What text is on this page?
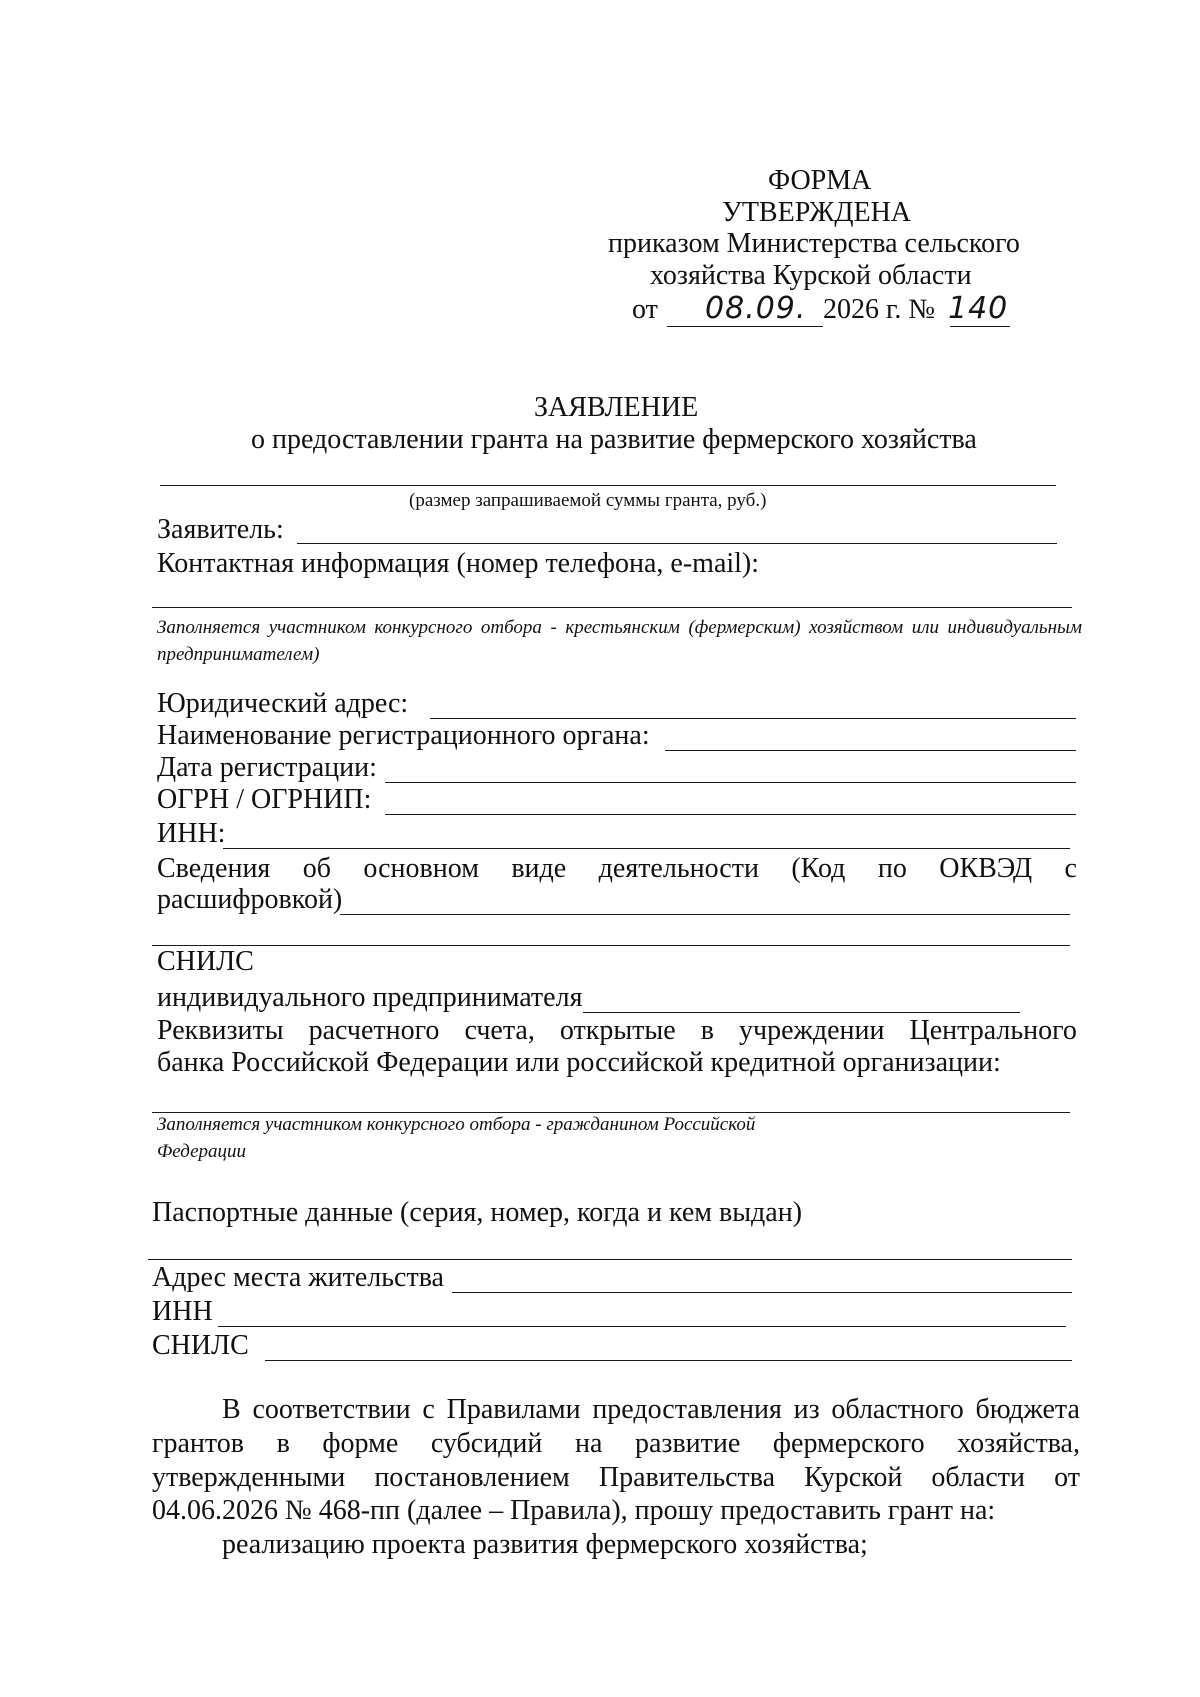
ФОРМА
УТВЕРЖДЕНА
приказом Министерства сельского
хозяйства Курской области
от 08.09. 2026 г. № 140
ЗАЯВЛЕНИЕ
о предоставлении гранта на развитие фермерского хозяйства
(размер запрашиваемой суммы гранта, руб.)
Заявитель:
Контактная информация (номер телефона, e-mail):
Заполняется участником конкурсного отбора - крестьянским (фермерским) хозяйством или индивидуальным предпринимателем)
Юридический адрес:
Наименование регистрационного органа:
Дата регистрации:
ОГРН / ОГРНИП:
ИНН:
Сведения об основном виде деятельности (Код по ОКВЭД с
расшифровкой)
СНИЛС
индивидуального предпринимателя
Реквизиты расчетного счета, открытые в учреждении Центрального
банка Российской Федерации или российской кредитной организации:
Заполняется участником конкурсного отбора - гражданином Российской
Федерации
Паспортные данные (серия, номер, когда и кем выдан)
Адрес места жительства
ИНН
СНИЛС
В соответствии с Правилами предоставления из областного бюджета
грантов в форме субсидий на развитие фермерского хозяйства,
утвержденными постановлением Правительства Курской области от
04.06.2026 № 468-пп (далее – Правила), прошу предоставить грант на:
реализацию проекта развития фермерского хозяйства;
